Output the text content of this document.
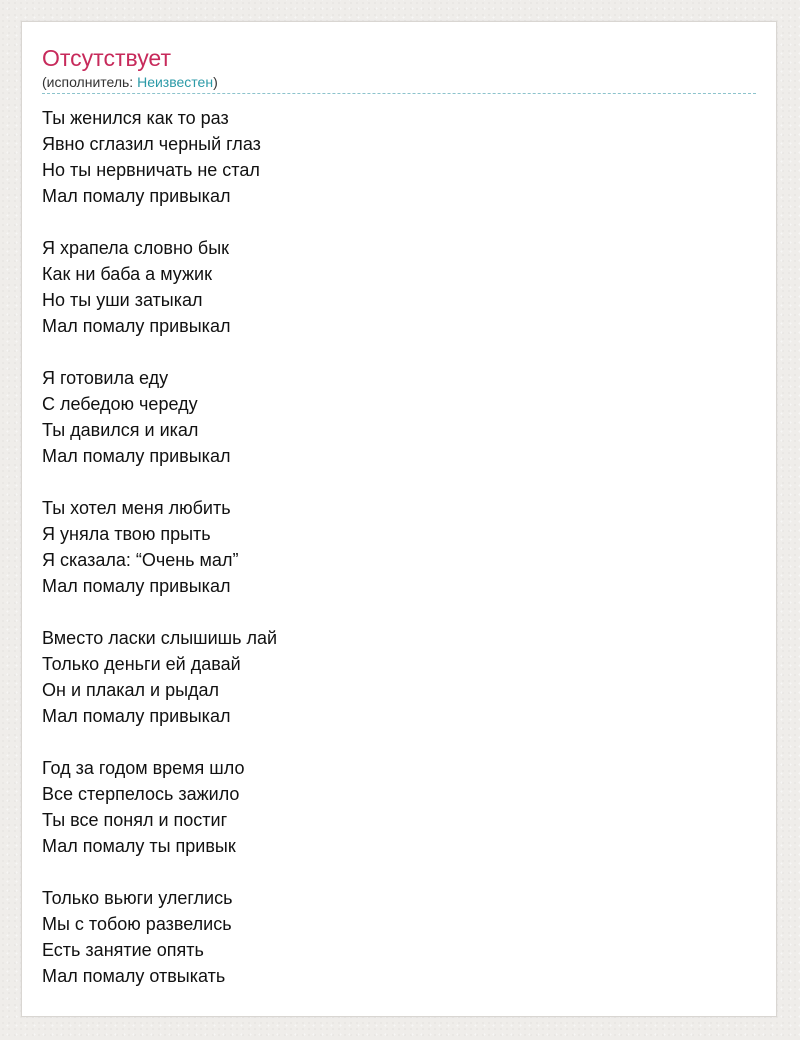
Отсутствует
(исполнитель: Неизвестен)
Ты женился как то раз
Явно сглазил черный глаз
Но ты нервничать не стал
Мал помалу привыкал
Я храпела словно бык
Как ни баба а мужик
Но ты уши затыкал
Мал помалу привыкал
Я готовила еду
С лебедою череду
Ты давился и икал
Мал помалу привыкал
Ты хотел меня любить
Я уняла твою прыть
Я сказала: “Очень мал”
Мал помалу привыкал
Вместо ласки слышишь лай
Только деньги ей давай
Он и плакал и рыдал
Мал помалу привыкал
Год за годом время шло
Все стерпелось зажило
Ты все понял и постиг
Мал помалу ты привык
Только вьюги улеглись
Мы с тобою развелись
Есть занятие опять
Мал помалу отвыкать
